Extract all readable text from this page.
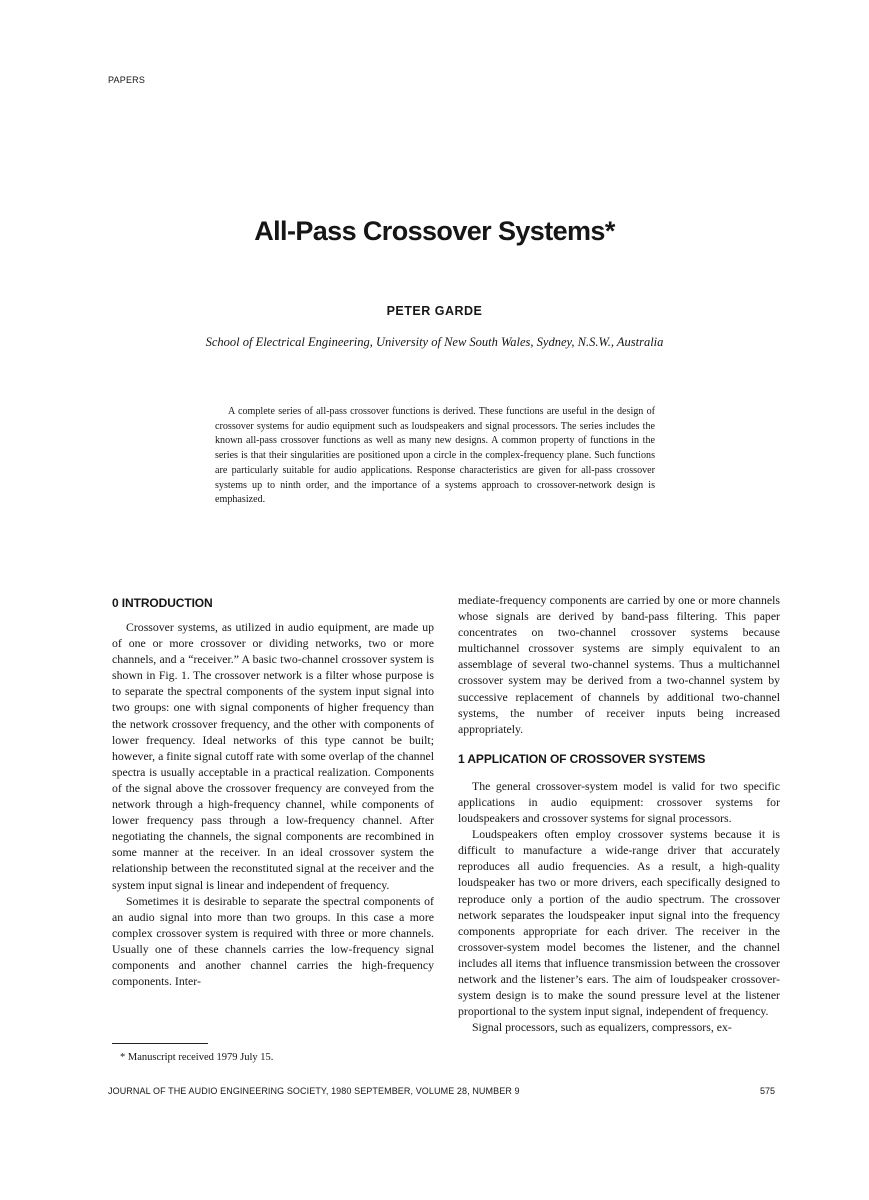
PAPERS
All-Pass Crossover Systems*
PETER GARDE
School of Electrical Engineering, University of New South Wales, Sydney, N.S.W., Australia

A complete series of all-pass crossover functions is derived. These functions are useful in the design of crossover systems for audio equipment such as loudspeakers and signal processors. The series includes the known all-pass crossover functions as well as many new designs. A common property of functions in the series is that their singularities are positioned upon a circle in the complex-frequency plane. Such functions are particularly suitable for audio applications. Response characteristics are given for all-pass crossover systems up to ninth order, and the importance of a systems approach to crossover-network design is emphasized.

0 INTRODUCTION

Crossover systems, as utilized in audio equipment, are made up of one or more crossover or dividing networks, two or more channels, and a “receiver.” A basic two-channel crossover system is shown in Fig. 1. The crossover network is a filter whose purpose is to separate the spectral components of the system input signal into two groups: one with signal components of higher frequency than the network crossover frequency, and the other with components of lower frequency. Ideal networks of this type cannot be built; however, a finite signal cutoff rate with some overlap of the channel spectra is usually acceptable in a practical realization. Components of the signal above the crossover frequency are conveyed from the network through a high-frequency channel, while components of lower frequency pass through a low-frequency channel. After negotiating the channels, the signal components are recombined in some manner at the receiver. In an ideal crossover system the relationship between the reconstituted signal at the receiver and the system input signal is linear and independent of frequency.

Sometimes it is desirable to separate the spectral components of an audio signal into more than two groups. In this case a more complex crossover system is required with three or more channels. Usually one of these channels carries the low-frequency signal components and another channel carries the high-frequency components. Inter-

mediate-frequency components are carried by one or more channels whose signals are derived by band-pass filtering. This paper concentrates on two-channel crossover systems because multichannel crossover systems are simply equivalent to an assemblage of several two-channel systems. Thus a multichannel crossover system may be derived from a two-channel system by successive replacement of channels by additional two-channel systems, the number of receiver inputs being increased appropriately.

1 APPLICATION OF CROSSOVER SYSTEMS

The general crossover-system model is valid for two specific applications in audio equipment: crossover systems for loudspeakers and crossover systems for signal processors.

Loudspeakers often employ crossover systems because it is difficult to manufacture a wide-range driver that accurately reproduces all audio frequencies. As a result, a high-quality loudspeaker has two or more drivers, each specifically designed to reproduce only a portion of the audio spectrum. The crossover network separates the loudspeaker input signal into the frequency components appropriate for each driver. The receiver in the crossover-system model becomes the listener, and the channel includes all items that influence transmission between the crossover network and the listener’s ears. The aim of loudspeaker crossover-system design is to make the sound pressure level at the listener proportional to the system input signal, independent of frequency.

Signal processors, such as equalizers, compressors, ex-

* Manuscript received 1979 July 15.
JOURNAL OF THE AUDIO ENGINEERING SOCIETY, 1980 SEPTEMBER, VOLUME 28, NUMBER 9	575
